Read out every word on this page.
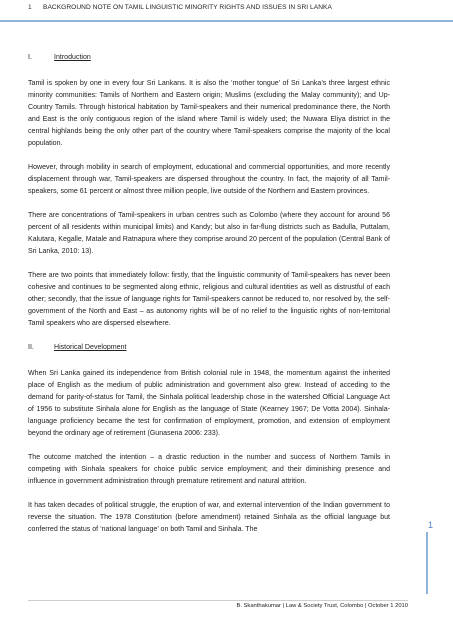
1 BACKGROUND NOTE ON TAMIL LINGUISTIC MINORITY RIGHTS AND ISSUES IN SRI LANKA
I.	Introduction

Tamil is spoken by one in every four Sri Lankans. It is also the ‘mother tongue’ of Sri Lanka’s three largest ethnic minority communities: Tamils of Northern and Eastern origin; Muslims (excluding the Malay community); and Up-Country Tamils. Through historical habitation by Tamil-speakers and their numerical predominance there, the North and East is the only contiguous region of the island where Tamil is widely used; the Nuwara Eliya district in the central highlands being the only other part of the country where Tamil-speakers comprise the majority of the local population.

However, through mobility in search of employment, educational and commercial opportunities, and more recently displacement through war, Tamil-speakers are dispersed throughout the country. In fact, the majority of all Tamil-speakers, some 61 percent or almost three million people, live outside of the Northern and Eastern provinces.

There are concentrations of Tamil-speakers in urban centres such as Colombo (where they account for around 56 percent of all residents within municipal limits) and Kandy; but also in far-flung districts such as Badulla, Puttalam, Kalutara, Kegalle, Matale and Ratnapura where they comprise around 20 percent of the population (Central Bank of Sri Lanka, 2010: 13).

There are two points that immediately follow: firstly, that the linguistic community of Tamil-speakers has never been cohesive and continues to be segmented along ethnic, religious and cultural identities as well as distrustful of each other; secondly, that the issue of language rights for Tamil-speakers cannot be reduced to, nor resolved by, the self-government of the North and East – as autonomy rights will be of no relief to the linguistic rights of non-territorial Tamil speakers who are dispersed elsewhere.

II.	Historical Development

When Sri Lanka gained its independence from British colonial rule in 1948, the momentum against the inherited place of English as the medium of public administration and government also grew. Instead of acceding to the demand for parity-of-status for Tamil, the Sinhala political leadership chose in the watershed Official Language Act of 1956 to substitute Sinhala alone for English as the language of State (Kearney 1967; De Votta 2004). Sinhala-language proficiency became the test for confirmation of employment, promotion, and extension of employment beyond the ordinary age of retirement (Gunasena 2006: 233).

The outcome matched the intention – a drastic reduction in the number and success of Northern Tamils in competing with Sinhala speakers for choice public service employment; and their diminishing presence and influence in government administration through premature retirement and natural attrition.

It has taken decades of political struggle, the eruption of war, and external intervention of the Indian government to reverse the situation. The 1978 Constitution (before amendment) retained Sinhala as the official language but conferred the status of ‘national language’ on both Tamil and Sinhala. The	1
B. Skanthakumar | Law & Society Trust, Colombo | October 1 2010
